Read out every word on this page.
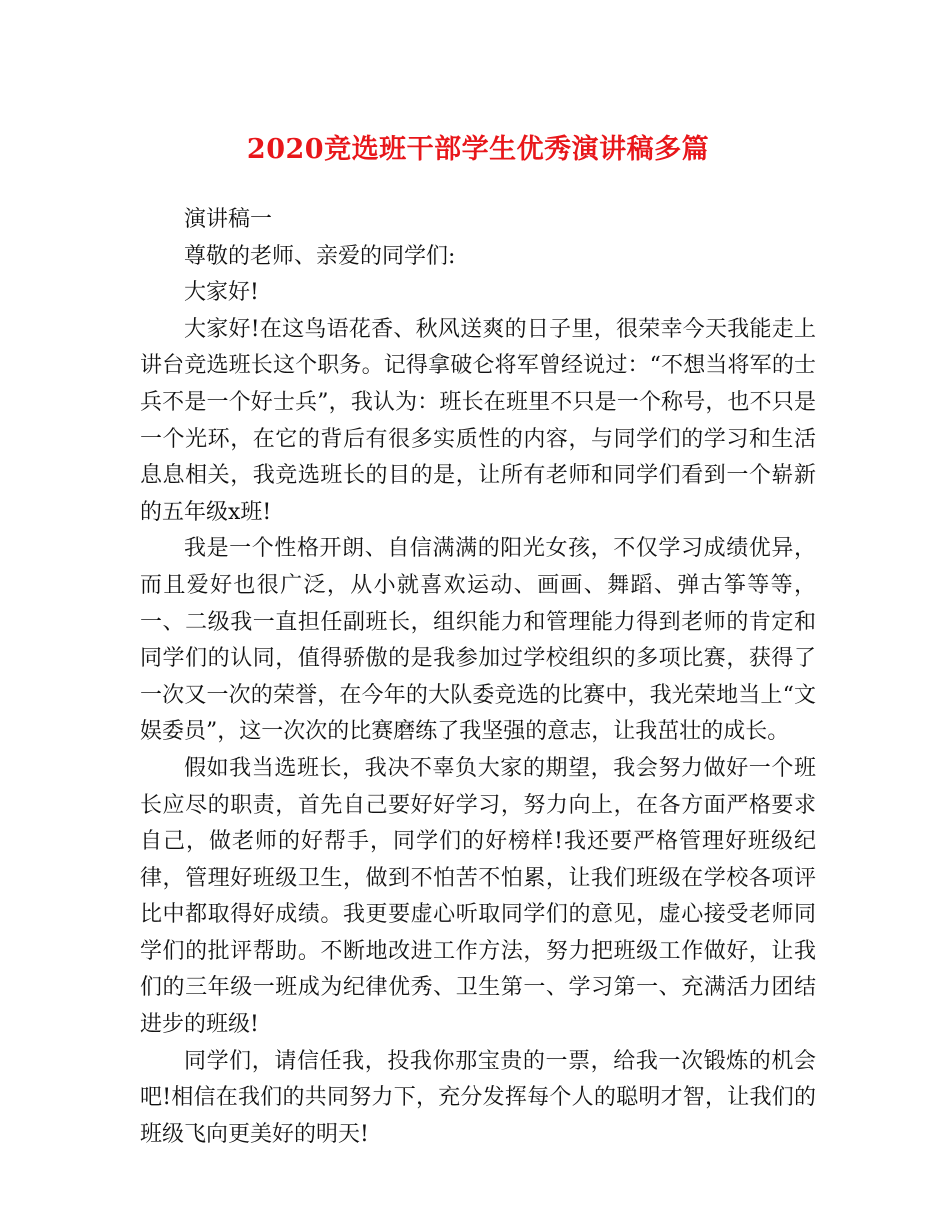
2020竞选班干部学生优秀演讲稿多篇

演讲稿一

尊敬的老师、亲爱的同学们:

大家好!

大家好!在这鸟语花香、秋风送爽的日子里，很荣幸今天我能走上讲台竞选班长这个职务。记得拿破仑将军曾经说过：“不想当将军的士兵不是一个好士兵”，我认为：班长在班里不只是一个称号，也不只是一个光环，在它的背后有很多实质性的内容，与同学们的学习和生活息息相关，我竞选班长的目的是，让所有老师和同学们看到一个崭新的五年级x班!

我是一个性格开朗、自信满满的阳光女孩，不仅学习成绩优异，而且爱好也很广泛，从小就喜欢运动、画画、舞蹈、弹古筝等等，一、二级我一直担任副班长，组织能力和管理能力得到老师的肯定和同学们的认同，值得骄傲的是我参加过学校组织的多项比赛，获得了一次又一次的荣誉，在今年的大队委竞选的比赛中，我光荣地当上“文娱委员”，这一次次的比赛磨练了我坚强的意志，让我茁壮的成长。

假如我当选班长，我决不辜负大家的期望，我会努力做好一个班长应尽的职责，首先自己要好好学习，努力向上，在各方面严格要求自己，做老师的好帮手，同学们的好榜样!我还要严格管理好班级纪律，管理好班级卫生，做到不怕苦不怕累，让我们班级在学校各项评比中都取得好成绩。我更要虚心听取同学们的意见，虚心接受老师同学们的批评帮助。不断地改进工作方法，努力把班级工作做好，让我们的三年级一班成为纪律优秀、卫生第一、学习第一、充满活力团结进步的班级!

同学们，请信任我，投我你那宝贵的一票，给我一次锻炼的机会吧!相信在我们的共同努力下，充分发挥每个人的聪明才智，让我们的班级飞向更美好的明天!
